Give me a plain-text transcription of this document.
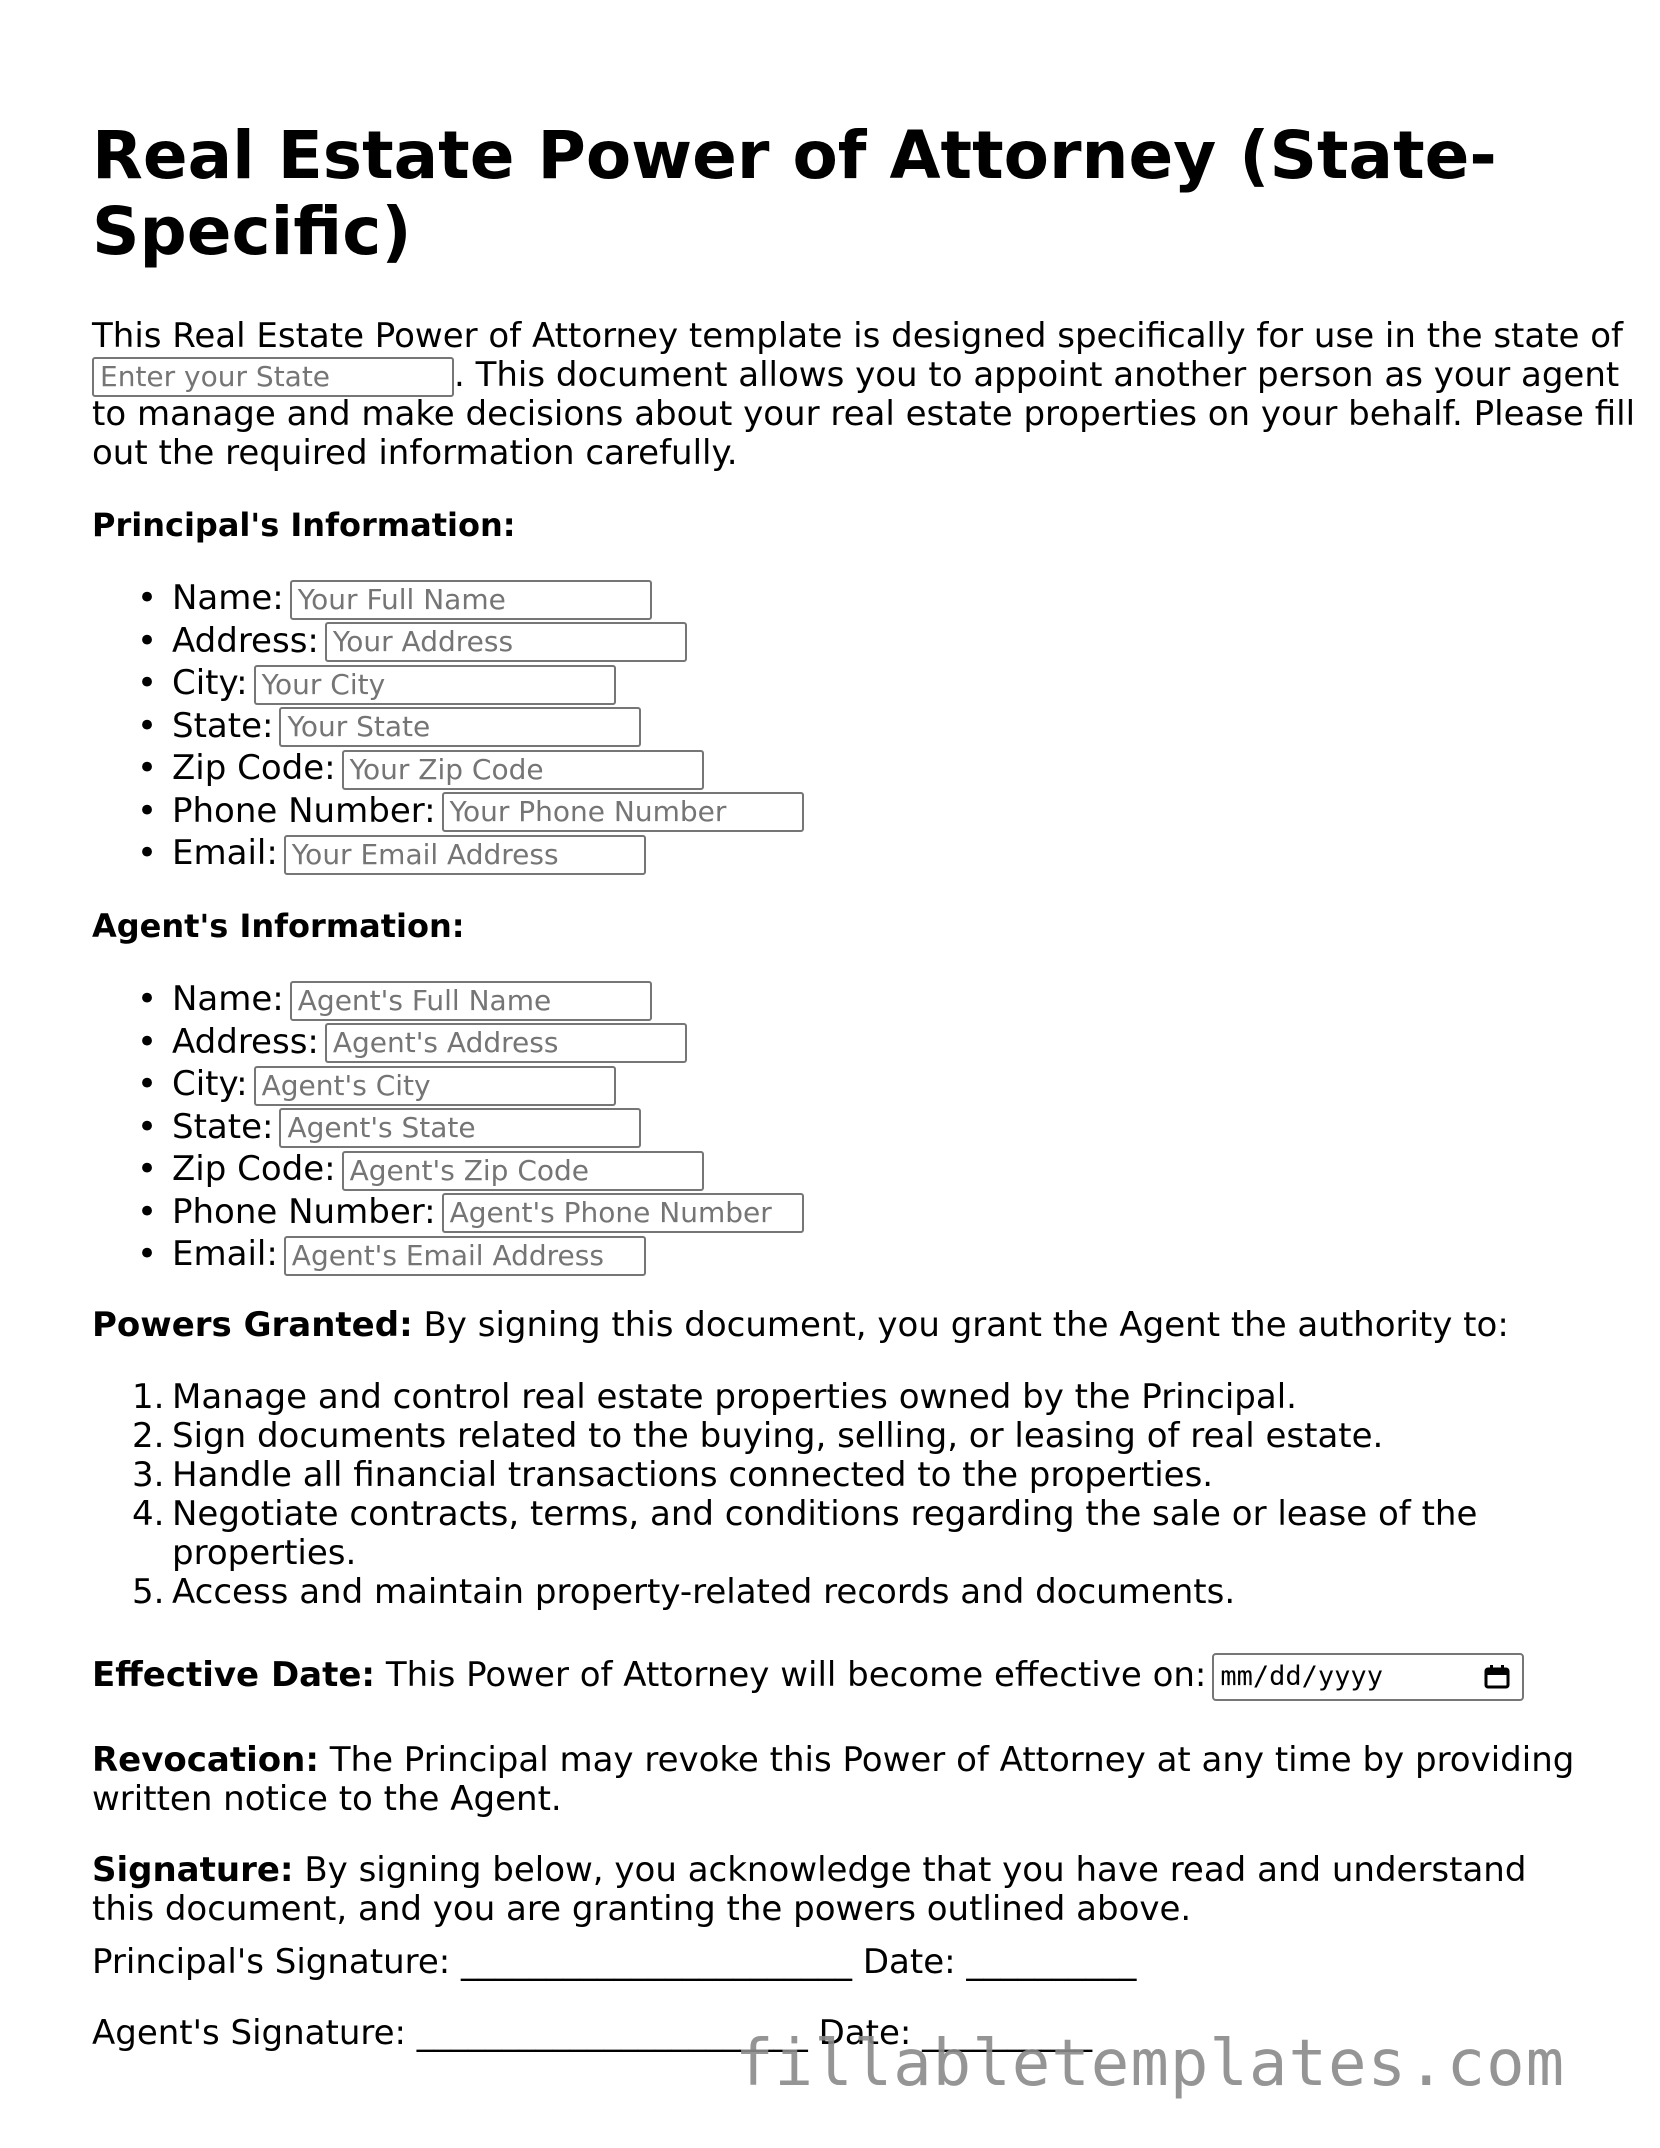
Real Estate Power of Attorney (State-
Specific)
This Real Estate Power of Attorney template is designed specifically for use in the state of
Enter your State	. This document allows you to appoint another person as your agent
to manage and make decisions about your real estate properties on your behalf. Please fill
out the required information carefully.
Principal's Information:
• Name: Your Full Name
• Address: Your Address
• City: Your City
• State: Your State
• Zip Code: Your Zip Code
• Phone Number: Your Phone Number
• Email: Your Email Address
Agent's Information:
• Name: Agent's Full Name
• Address: Agent's Address
• City: Agent's City
• State: Agent's State
• Zip Code: Agent's Zip Code
• Phone Number: Agent's Phone Number
• Email: Agent's Email Address
Powers Granted: By signing this document, you grant the Agent the authority to:
1. Manage and control real estate properties owned by the Principal.
2. Sign documents related to the buying, selling, or leasing of real estate.
3. Handle all financial transactions connected to the properties.
4. Negotiate contracts, terms, and conditions regarding the sale or lease of the properties.
5. Access and maintain property-related records and documents.
Effective Date: This Power of Attorney will become effective on: mm/dd/yyyy
Revocation: The Principal may revoke this Power of Attorney at any time by providing written notice to the Agent.
Signature: By signing below, you acknowledge that you have read and understand this document, and you are granting the powers outlined above.
Principal's Signature: _______________________ Date: __________
Agent's Signature: _______________________ Date: __________
fillabletemplates.com
